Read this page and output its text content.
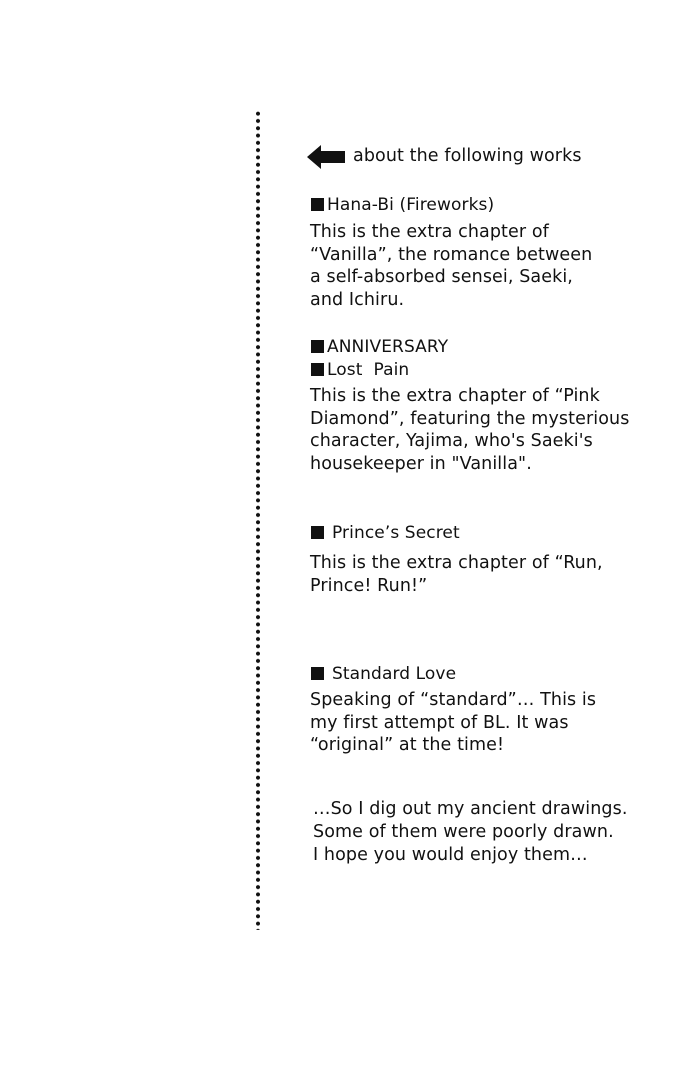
about the following works
Hana-Bi (Fireworks)
This is the extra chapter of
“Vanilla”, the romance between
a self-absorbed sensei, Saeki,
and Ichiru.
ANNIVERSARY
Lost  Pain
This is the extra chapter of “Pink
Diamond”, featuring the mysterious
character, Yajima, who's Saeki's
housekeeper in "Vanilla".
Prince’s Secret
This is the extra chapter of “Run,
Prince! Run!”
Standard Love
Speaking of “standard”… This is
my first attempt of BL. It was
“original” at the time!
…So I dig out my ancient drawings.
Some of them were poorly drawn.
I hope you would enjoy them…
